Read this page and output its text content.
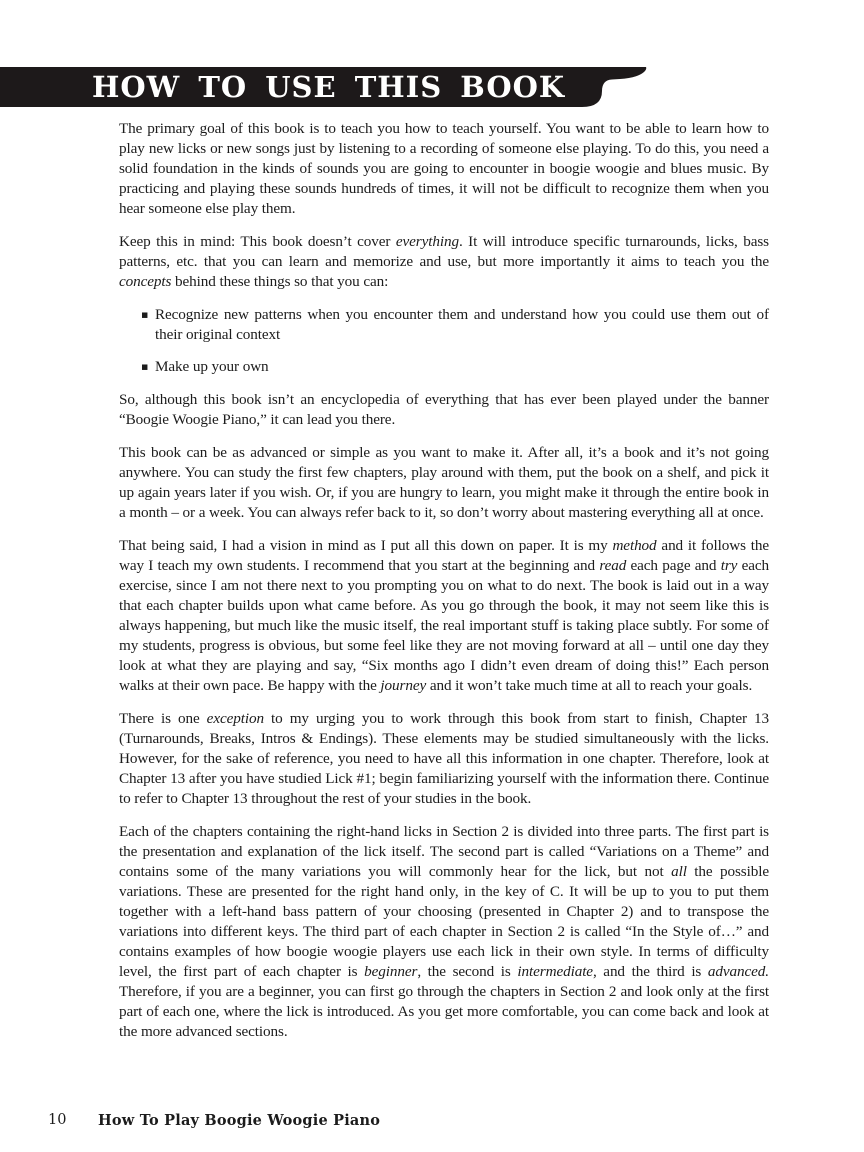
HOW TO USE THIS BOOK

The primary goal of this book is to teach you how to teach yourself. You want to be able to learn how to play new licks or new songs just by listening to a recording of someone else playing. To do this, you need a solid foundation in the kinds of sounds you are going to encounter in boogie woogie and blues music. By practicing and playing these sounds hundreds of times, it will not be difficult to recognize them when you hear someone else play them.

Keep this in mind: This book doesn’t cover everything. It will introduce specific turnarounds, licks, bass patterns, etc. that you can learn and memorize and use, but more importantly it aims to teach you the concepts behind these things so that you can:

▪ Recognize new patterns when you encounter them and understand how you could use them out of their original context
▪ Make up your own

So, although this book isn’t an encyclopedia of everything that has ever been played under the banner “Boogie Woogie Piano,” it can lead you there.

This book can be as advanced or simple as you want to make it. After all, it’s a book and it’s not going anywhere. You can study the first few chapters, play around with them, put the book on a shelf, and pick it up again years later if you wish. Or, if you are hungry to learn, you might make it through the entire book in a month – or a week. You can always refer back to it, so don’t worry about mastering everything all at once.

That being said, I had a vision in mind as I put all this down on paper. It is my method and it follows the way I teach my own students. I recommend that you start at the beginning and read each page and try each exercise, since I am not there next to you prompting you on what to do next. The book is laid out in a way that each chapter builds upon what came before. As you go through the book, it may not seem like this is always happening, but much like the music itself, the real important stuff is taking place subtly. For some of my students, progress is obvious, but some feel like they are not moving forward at all – until one day they look at what they are playing and say, “Six months ago I didn’t even dream of doing this!” Each person walks at their own pace. Be happy with the journey and it won’t take much time at all to reach your goals.

There is one exception to my urging you to work through this book from start to finish, Chapter 13 (Turnarounds, Breaks, Intros & Endings). These elements may be studied simultaneously with the licks. However, for the sake of reference, you need to have all this information in one chapter. Therefore, look at Chapter 13 after you have studied Lick #1; begin familiarizing yourself with the information there. Continue to refer to Chapter 13 throughout the rest of your studies in the book.

Each of the chapters containing the right-hand licks in Section 2 is divided into three parts. The first part is the presentation and explanation of the lick itself. The second part is called “Variations on a Theme” and contains some of the many variations you will commonly hear for the lick, but not all the possible variations. These are presented for the right hand only, in the key of C. It will be up to you to put them together with a left-hand bass pattern of your choosing (presented in Chapter 2) and to transpose the variations into different keys. The third part of each chapter in Section 2 is called “In the Style of…” and contains examples of how boogie woogie players use each lick in their own style. In terms of difficulty level, the first part of each chapter is beginner, the second is intermediate, and the third is advanced. Therefore, if you are a beginner, you can first go through the chapters in Section 2 and look only at the first part of each one, where the lick is introduced. As you get more comfortable, you can come back and look at the more advanced sections.

10 How To Play Boogie Woogie Piano
